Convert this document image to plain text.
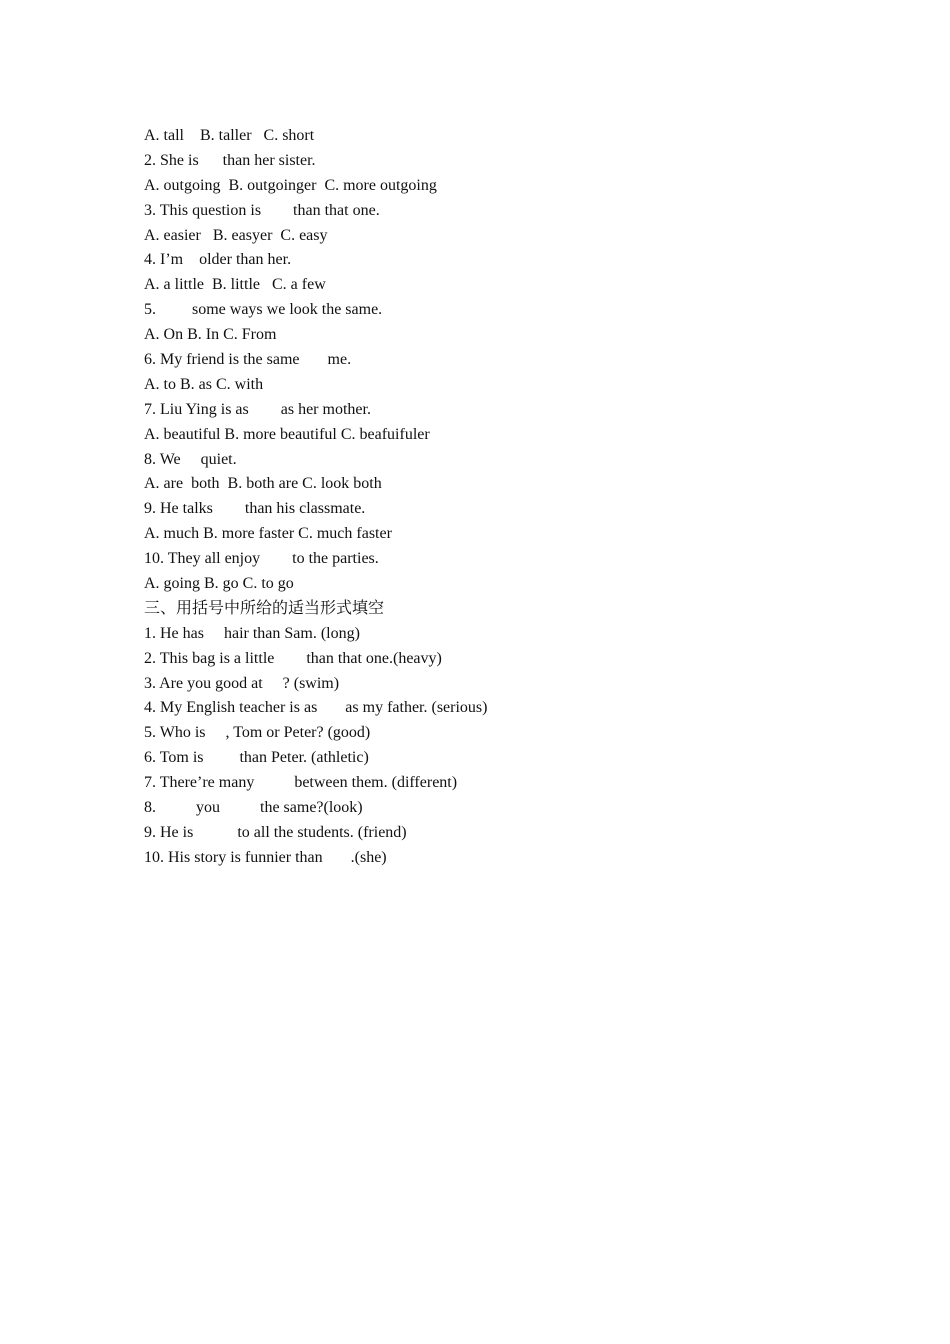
A. tall    B. taller   C. short
2. She is      than her sister.
A. outgoing  B. outgoinger  C. more outgoing
3. This question is        than that one.
A. easier   B. easyer  C. easy
4. I’m    older than her.
A. a little  B. little   C. a few
5.         some ways we look the same.
A. On B. In C. From
6. My friend is the same       me.
A. to B. as C. with
7. Liu Ying is as        as her mother.
A. beautiful B. more beautiful C. beafuifuler
8. We     quiet.
A. are  both  B. both are C. look both
9. He talks        than his classmate.
A. much B. more faster C. much faster
10. They all enjoy        to the parties.
A. going B. go C. to go
三、用括号中所给的适当形式填空
1. He has     hair than Sam. (long)
2. This bag is a little        than that one.(heavy)
3. Are you good at     ? (swim)
4. My English teacher is as       as my father. (serious)
5. Who is     , Tom or Peter? (good)
6. Tom is         than Peter. (athletic)
7. There’re many          between them. (different)
8.          you          the same?(look)
9. He is           to all the students. (friend)
10. His story is funnier than       .(she)
